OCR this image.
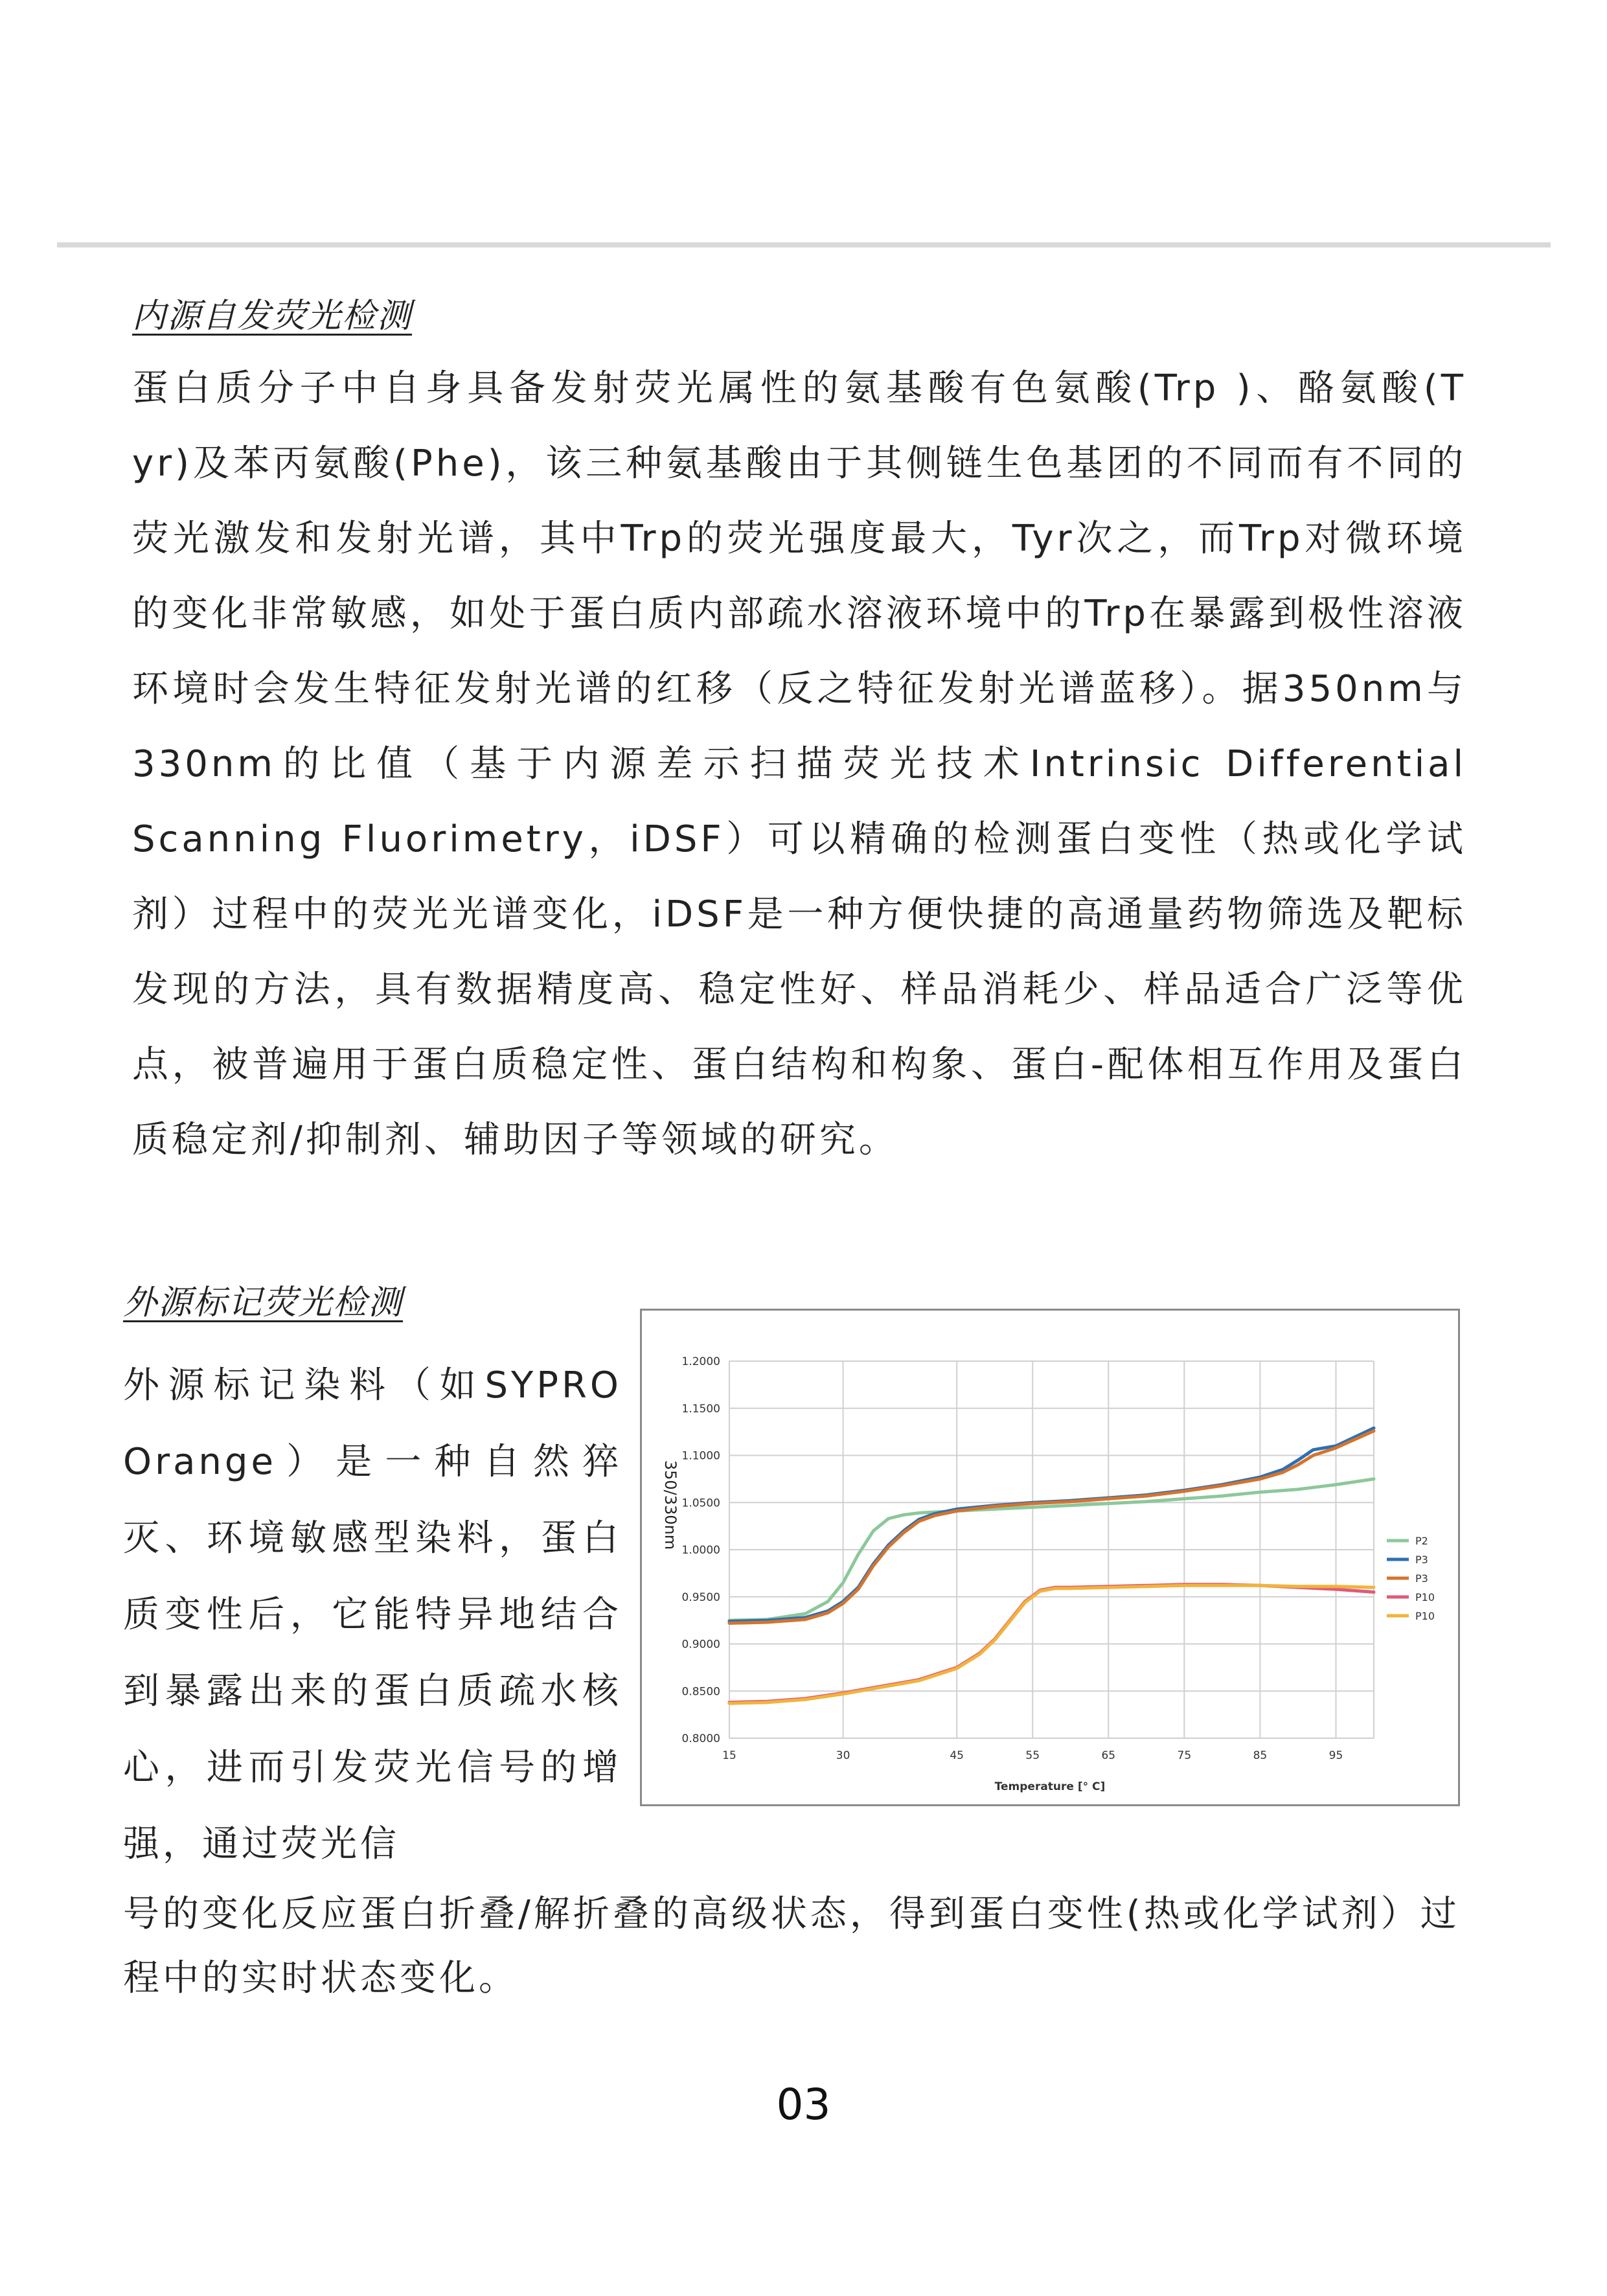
内源自发荧光检测
蛋白质分子中自身具备发射荧光属性的氨基酸有色氨酸(Trp )、酪氨酸(T yr)及苯丙氨酸(Phe)，该三种氨基酸由于其侧链生色基团的不同而有不同的荧光激发和发射光谱，其中Trp的荧光强度最大，Tyr次之，而Trp对微环境的变化非常敏感，如处于蛋白质内部疏水溶液环境中的Trp在暴露到极性溶液环境时会发生特征发射光谱的红移（反之特征发射光谱蓝移）。据350nm与330nm的比值（基于内源差示扫描荧光技术Intrinsic Differential Scanning Fluorimetry，iDSF）可以精确的检测蛋白变性（热或化学试剂）过程中的荧光光谱变化，iDSF是一种方便快捷的高通量药物筛选及靶标发现的方法，具有数据精度高、稳定性好、样品消耗少、样品适合广泛等优点，被普遍用于蛋白质稳定性、蛋白结构和构象、蛋白-配体相互作用及蛋白质稳定剂/抑制剂、辅助因子等领域的研究。
外源标记荧光检测
外源标记染料（如SYPRO Orange）是一种自然猝灭、环境敏感型染料，蛋白质变性后，它能特异地结合到暴露出来的蛋白质疏水核心，进而引发荧光信号的增强，通过荧光信
1.2000
1.1500
1.1000
1.0500
1.0000
0.9500
0.9000
0.8500
0.8000
15	30	45	55	65	75	85	95
P2
P3
P3
P10
P10
350/330nm
Temperature [° C]
号的变化反应蛋白折叠/解折叠的高级状态，得到蛋白变性(热或化学试剂）过程中的实时状态变化。
03
